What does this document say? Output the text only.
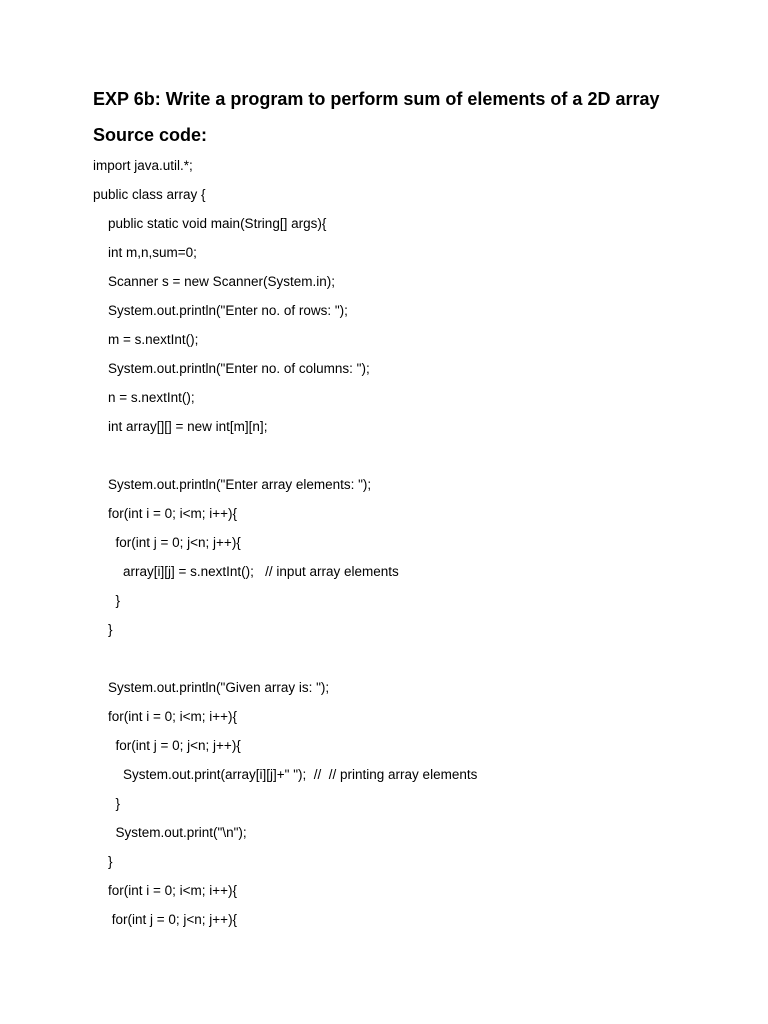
EXP 6b: Write a program to perform sum of elements of a 2D array
Source code:
import java.util.*;
public class array {
public static void main(String[] args){
int m,n,sum=0;
Scanner s = new Scanner(System.in);
System.out.println("Enter no. of rows: ");
m = s.nextInt();
System.out.println("Enter no. of columns: ");
n = s.nextInt();
int array[][] = new int[m][n];
System.out.println("Enter array elements: ");
for(int i = 0; i<m; i++){
for(int j = 0; j<n; j++){
array[i][j] = s.nextInt();   // input array elements
}
}
System.out.println("Given array is: ");
for(int i = 0; i<m; i++){
for(int j = 0; j<n; j++){
System.out.print(array[i][j]+" ");  //  // printing array elements
}
System.out.print("\n");
}
for(int i = 0; i<m; i++){
for(int j = 0; j<n; j++){
